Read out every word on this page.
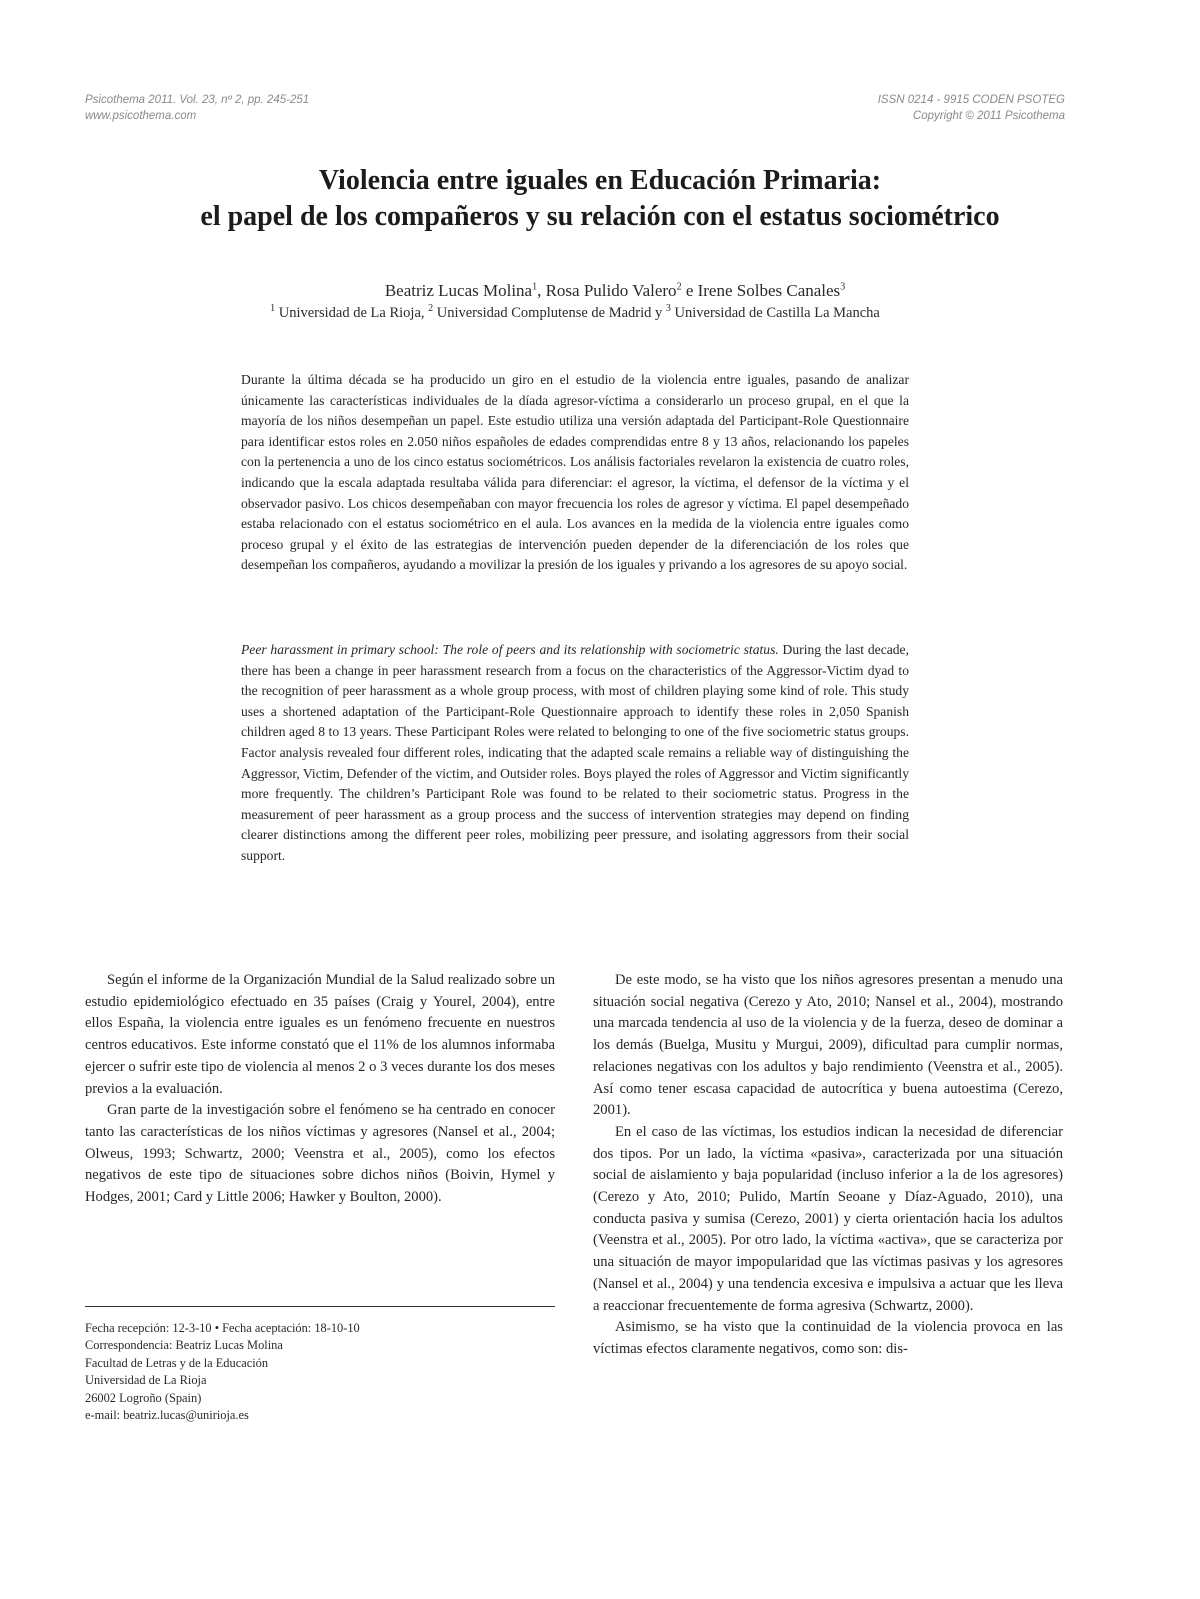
Psicothema 2011. Vol. 23, nº 2, pp. 245-251
www.psicothema.com
ISSN 0214 - 9915 CODEN PSOTEG
Copyright © 2011 Psicothema
Violencia entre iguales en Educación Primaria:
el papel de los compañeros y su relación con el estatus sociométrico
Beatriz Lucas Molina$^1$, Rosa Pulido Valero$^2$ e Irene Solbes Canales$^3$
$^1$ Universidad de La Rioja, $^2$ Universidad Complutense de Madrid y $^3$ Universidad de Castilla La Mancha
Durante la última década se ha producido un giro en el estudio de la violencia entre iguales, pasando de analizar únicamente las características individuales de la díada agresor-víctima a considerarlo un proceso grupal, en el que la mayoría de los niños desempeñan un papel. Este estudio utiliza una versión adaptada del Participant-Role Questionnaire para identificar estos roles en 2.050 niños españoles de edades comprendidas entre 8 y 13 años, relacionando los papeles con la pertenencia a uno de los cinco estatus sociométricos. Los análisis factoriales revelaron la existencia de cuatro roles, indicando que la escala adaptada resultaba válida para diferenciar: el agresor, la víctima, el defensor de la víctima y el observador pasivo. Los chicos desempeñaban con mayor frecuencia los roles de agresor y víctima. El papel desempeñado estaba relacionado con el estatus sociométrico en el aula. Los avances en la medida de la violencia entre iguales como proceso grupal y el éxito de las estrategias de intervención pueden depender de la diferenciación de los roles que desempeñan los compañeros, ayudando a movilizar la presión de los iguales y privando a los agresores de su apoyo social.
Peer harassment in primary school: The role of peers and its relationship with sociometric status. During the last decade, there has been a change in peer harassment research from a focus on the characteristics of the Aggressor-Victim dyad to the recognition of peer harassment as a whole group process, with most of children playing some kind of role. This study uses a shortened adaptation of the Participant-Role Questionnaire approach to identify these roles in 2,050 Spanish children aged 8 to 13 years. These Participant Roles were related to belonging to one of the five sociometric status groups. Factor analysis revealed four different roles, indicating that the adapted scale remains a reliable way of distinguishing the Aggressor, Victim, Defender of the victim, and Outsider roles. Boys played the roles of Aggressor and Victim significantly more frequently. The children’s Participant Role was found to be related to their sociometric status. Progress in the measurement of peer harassment as a group process and the success of intervention strategies may depend on finding clearer distinctions among the different peer roles, mobilizing peer pressure, and isolating aggressors from their social support.

Según el informe de la Organización Mundial de la Salud realizado sobre un estudio epidemiológico efectuado en 35 países (Craig y Yourel, 2004), entre ellos España, la violencia entre iguales es un fenómeno frecuente en nuestros centros educativos. Este informe constató que el 11% de los alumnos informaba ejercer o sufrir este tipo de violencia al menos 2 o 3 veces durante los dos meses previos a la evaluación.

Gran parte de la investigación sobre el fenómeno se ha centrado en conocer tanto las características de los niños víctimas y agresores (Nansel et al., 2004; Olweus, 1993; Schwartz, 2000; Veenstra et al., 2005), como los efectos negativos de este tipo de situaciones sobre dichos niños (Boivin, Hymel y Hodges, 2001; Card y Little 2006; Hawker y Boulton, 2000).

De este modo, se ha visto que los niños agresores presentan a menudo una situación social negativa (Cerezo y Ato, 2010; Nansel et al., 2004), mostrando una marcada tendencia al uso de la violencia y de la fuerza, deseo de dominar a los demás (Buelga, Musitu y Murgui, 2009), dificultad para cumplir normas, relaciones negativas con los adultos y bajo rendimiento (Veenstra et al., 2005). Así como tener escasa capacidad de autocrítica y buena autoestima (Cerezo, 2001).

En el caso de las víctimas, los estudios indican la necesidad de diferenciar dos tipos. Por un lado, la víctima «pasiva», caracterizada por una situación social de aislamiento y baja popularidad (incluso inferior a la de los agresores) (Cerezo y Ato, 2010; Pulido, Martín Seoane y Díaz-Aguado, 2010), una conducta pasiva y sumisa (Cerezo, 2001) y cierta orientación hacia los adultos (Veenstra et al., 2005). Por otro lado, la víctima «activa», que se caracteriza por una situación de mayor impopularidad que las víctimas pasivas y los agresores (Nansel et al., 2004) y una tendencia excesiva e impulsiva a actuar que les lleva a reaccionar frecuentemente de forma agresiva (Schwartz, 2000).

Asimismo, se ha visto que la continuidad de la violencia provoca en las víctimas efectos claramente negativos, como son: dis-

Fecha recepción: 12-3-10 • Fecha aceptación: 18-10-10
Correspondencia: Beatriz Lucas Molina
Facultad de Letras y de la Educación
Universidad de La Rioja
26002 Logroño (Spain)
e-mail: beatriz.lucas@unirioja.es
